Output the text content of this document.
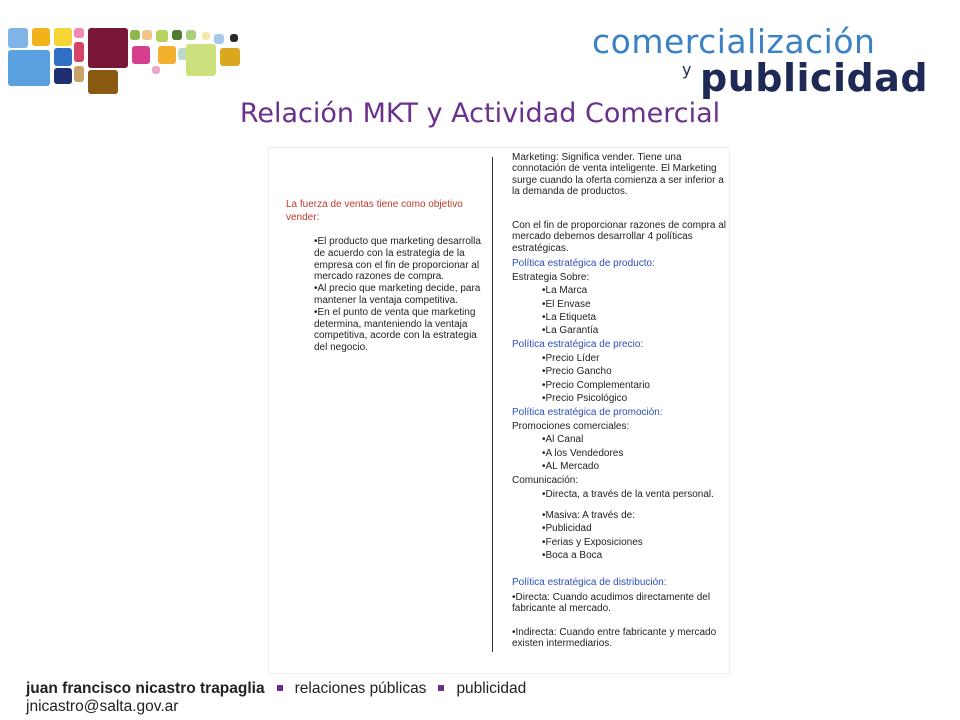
comercialización
y publicidad
Relación MKT y Actividad Comercial
La fuerza de ventas tiene como objetivo vender:
•El producto que marketing desarrolla de acuerdo con la estrategia de la empresa con el fin de proporcionar al mercado razones de compra.
•Al precio que marketing decide, para mantener la ventaja competitiva.
•En el punto de venta que marketing determina, manteniendo la ventaja competitiva, acorde con la estrategia del negocio.
Marketing: Significa vender. Tiene una connotación de venta inteligente. El Marketing surge cuando la oferta comienza a ser inferior a la demanda de productos.
Con el fin de proporcionar razones de compra al mercado debemos desarrollar 4 políticas estratégicas.
Política estratégica de producto:
Estrategia Sobre:
•La Marca
•El Envase
•La Etiqueta
•La Garantía
Política estratégica de precio:
•Precio Líder
•Precio Gancho
•Precio Complementario
•Precio Psicológico
Política estratégica de promoción:
Promociones comerciales:
•Al Canal
•A los Vendedores
•AL Mercado
Comunicación:
•Directa, a través de la venta personal.
•Masiva: A través de:
•Publicidad
•Ferias y Exposiciones
•Boca a Boca
Política estratégica de distribución:
•Directa: Cuando acudimos directamente del fabricante al mercado.
•Indirecta: Cuando entre fabricante y mercado existen intermediarios.
juan francisco nicastro trapaglia relaciones públicas publicidad
jnicastro@salta.gov.ar
